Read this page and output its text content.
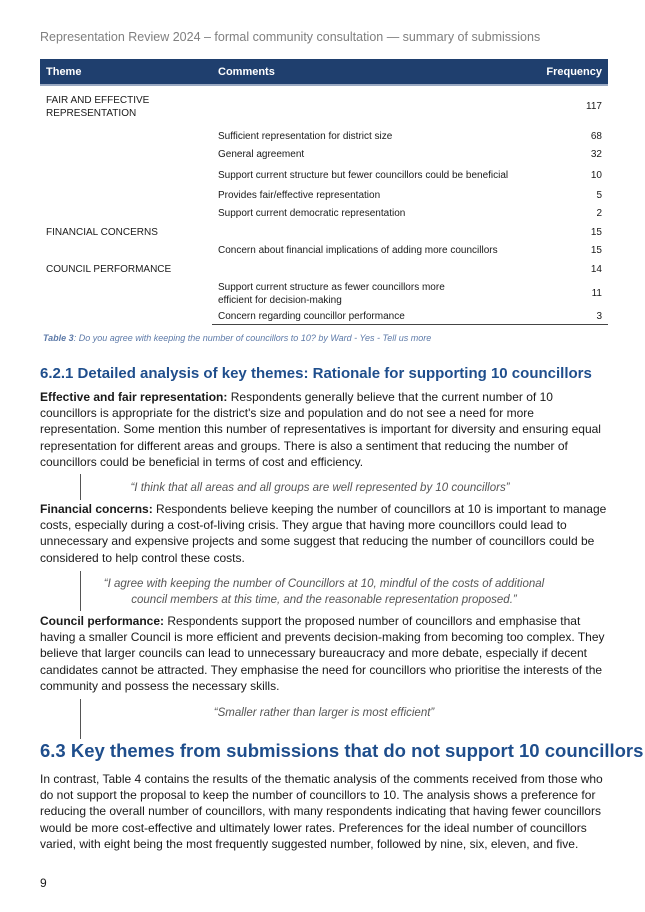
Representation Review 2024 – formal community consultation — summary of submissions
Theme	Comments	Frequency
FAIR AND EFFECTIVE REPRESENTATION		117
	Sufficient representation for district size	68
	General agreement	32
	Support current structure but fewer councillors could be beneficial	10
	Provides fair/effective representation	5
	Support current democratic representation	2
FINANCIAL CONCERNS		15
	Concern about financial implications of adding more councillors	15
COUNCIL PERFORMANCE		14
	Support current structure as fewer councillors more efficient for decision-making	11
	Concern regarding councillor performance	3
Table 3: Do you agree with keeping the number of councillors to 10? by Ward - Yes - Tell us more
6.2.1 Detailed analysis of key themes: Rationale for supporting 10 councillors
Effective and fair representation: Respondents generally believe that the current number of 10 councillors is appropriate for the district's size and population and do not see a need for more representation. Some mention this number of representatives is important for diversity and ensuring equal representation for different areas and groups. There is also a sentiment that reducing the number of councillors could be beneficial in terms of cost and efficiency.
“I think that all areas and all groups are well represented by 10 councillors”
Financial concerns: Respondents believe keeping the number of councillors at 10 is important to manage costs, especially during a cost-of-living crisis. They argue that having more councillors could lead to unnecessary and expensive projects and some suggest that reducing the number of councillors could be considered to help control these costs.
“I agree with keeping the number of Councillors at 10, mindful of the costs of additional council members at this time, and the reasonable representation proposed.”
Council performance: Respondents support the proposed number of councillors and emphasise that having a smaller Council is more efficient and prevents decision-making from becoming too complex. They believe that larger councils can lead to unnecessary bureaucracy and more debate, especially if decent candidates cannot be attracted. They emphasise the need for councillors who prioritise the interests of the community and possess the necessary skills.
“Smaller rather than larger is most efficient”
6.3 Key themes from submissions that do not support 10 councillors
In contrast, Table 4 contains the results of the thematic analysis of the comments received from those who do not support the proposal to keep the number of councillors to 10. The analysis shows a preference for reducing the overall number of councillors, with many respondents indicating that having fewer councillors would be more cost-effective and ultimately lower rates. Preferences for the ideal number of councillors varied, with eight being the most frequently suggested number, followed by nine, six, eleven, and five.
9
